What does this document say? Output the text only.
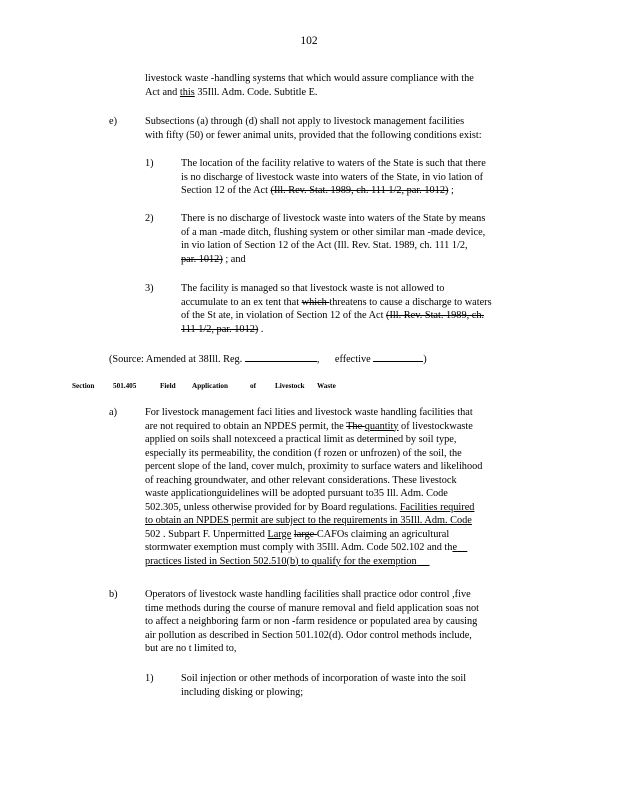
102
livestock waste -handling systems that which would assure compliance with the
Act and this 35Ill. Adm. Code. Subtitle E.
e)	Subsections (a) through (d) shall not apply to livestock management facilities
with fifty (50) or fewer animal units, provided that the following conditions exist:
1)	The location of the facility relative to waters of the State is such that there
is no discharge of livestock waste into waters of the State, in vio lation of
Section 12 of the Act (Ill. Rev. Stat. 1989, ch. 111 1/2, par. 1012) ;
2)	There is no discharge of livestock waste into waters of the State by means
of a man -made ditch, flushing system or other similar man -made device,
in vio lation of Section 12 of the Act (Ill. Rev. Stat. 1989, ch. 111 1/2,
par. 1012) ; and
3)	The facility is managed so that livestock waste is not allowed to
accumulate to an ex tent that which threatens to cause a discharge to waters
of the St ate, in violation of Section 12 of the Act (Ill. Rev. Stat. 1989, ch.
111 1/2, par. 1012) .
(Source: Amended at 38Ill. Reg.	, effective	)
Section	501.405	Field Application	of	Livestock Waste
a)	For livestock management faci lities and livestock waste handling facilities that
are not required to obtain an NPDES permit, the The quantity of livestockwaste
applied on soils shall notexceed a practical limit as determined by soil type,
especially its permeability, the condition (f rozen or unfrozen) of the soil, the
percent slope of the land, cover mulch, proximity to surface waters and likelihood
of reaching groundwater, and other relevant considerations. These livestock
waste applicationguidelines will be adopted pursuant to35 Ill. Adm. Code
502.305, unless otherwise provided for by Board regulations. Facilities required
to obtain an NPDES permit are subject to the requirements in 35Ill. Adm. Code
502 . Subpart F. Unpermitted Large large CAFOs claiming an agricultural
stormwater exemption must comply with 35Ill. Adm. Code 502.102 and the
practices listed in Section 502.510(b) to qualify for the exemption
b)	Operators of livestock waste handling facilities shall practice odor control ,five
time methods during the course of manure removal and field application soas not
to affect a neighboring farm or non -farm residence or populated area by causing
air pollution as described in Section 501.102(d). Odor control methods include,
but are no t limited to,
1)	Soil injection or other methods of incorporation of waste into the soil
including disking or plowing;
